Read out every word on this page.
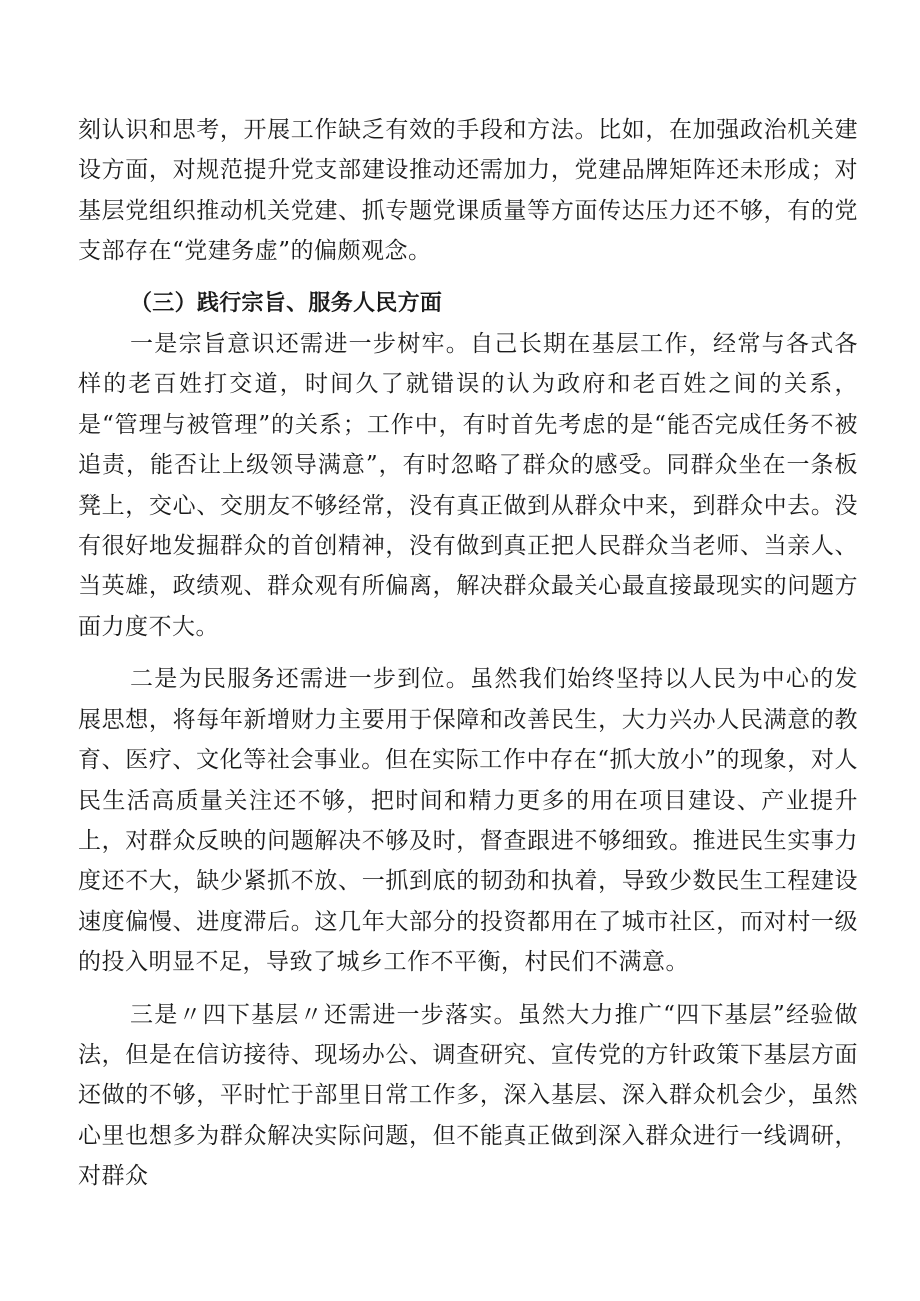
刻认识和思考，开展工作缺乏有效的手段和方法。比如，在加强政治机关建设方面，对规范提升党支部建设推动还需加力，党建品牌矩阵还未形成；对基层党组织推动机关党建、抓专题党课质量等方面传达压力还不够，有的党支部存在“党建务虚”的偏颇观念。

（三）践行宗旨、服务人民方面

一是宗旨意识还需进一步树牢。自己长期在基层工作，经常与各式各样的老百姓打交道，时间久了就错误的认为政府和老百姓之间的关系，是“管理与被管理”的关系；工作中，有时首先考虑的是“能否完成任务不被追责，能否让上级领导满意”，有时忽略了群众的感受。同群众坐在一条板凳上，交心、交朋友不够经常，没有真正做到从群众中来，到群众中去。没有很好地发掘群众的首创精神，没有做到真正把人民群众当老师、当亲人、当英雄，政绩观、群众观有所偏离，解决群众最关心最直接最现实的问题方面力度不大。

二是为民服务还需进一步到位。虽然我们始终坚持以人民为中心的发展思想，将每年新增财力主要用于保障和改善民生，大力兴办人民满意的教育、医疗、文化等社会事业。但在实际工作中存在“抓大放小”的现象，对人民生活高质量关注还不够，把时间和精力更多的用在项目建设、产业提升上，对群众反映的问题解决不够及时，督查跟进不够细致。推进民生实事力度还不大，缺少紧抓不放、一抓到底的韧劲和执着，导致少数民生工程建设速度偏慢、进度滞后。这几年大部分的投资都用在了城市社区，而对村一级的投入明显不足，导致了城乡工作不平衡，村民们不满意。

三是〃四下基层〃还需进一步落实。虽然大力推广“四下基层”经验做法，但是在信访接待、现场办公、调查研究、宣传党的方针政策下基层方面还做的不够，平时忙于部里日常工作多，深入基层、深入群众机会少，虽然心里也想多为群众解决实际问题，但不能真正做到深入群众进行一线调研，对群众
